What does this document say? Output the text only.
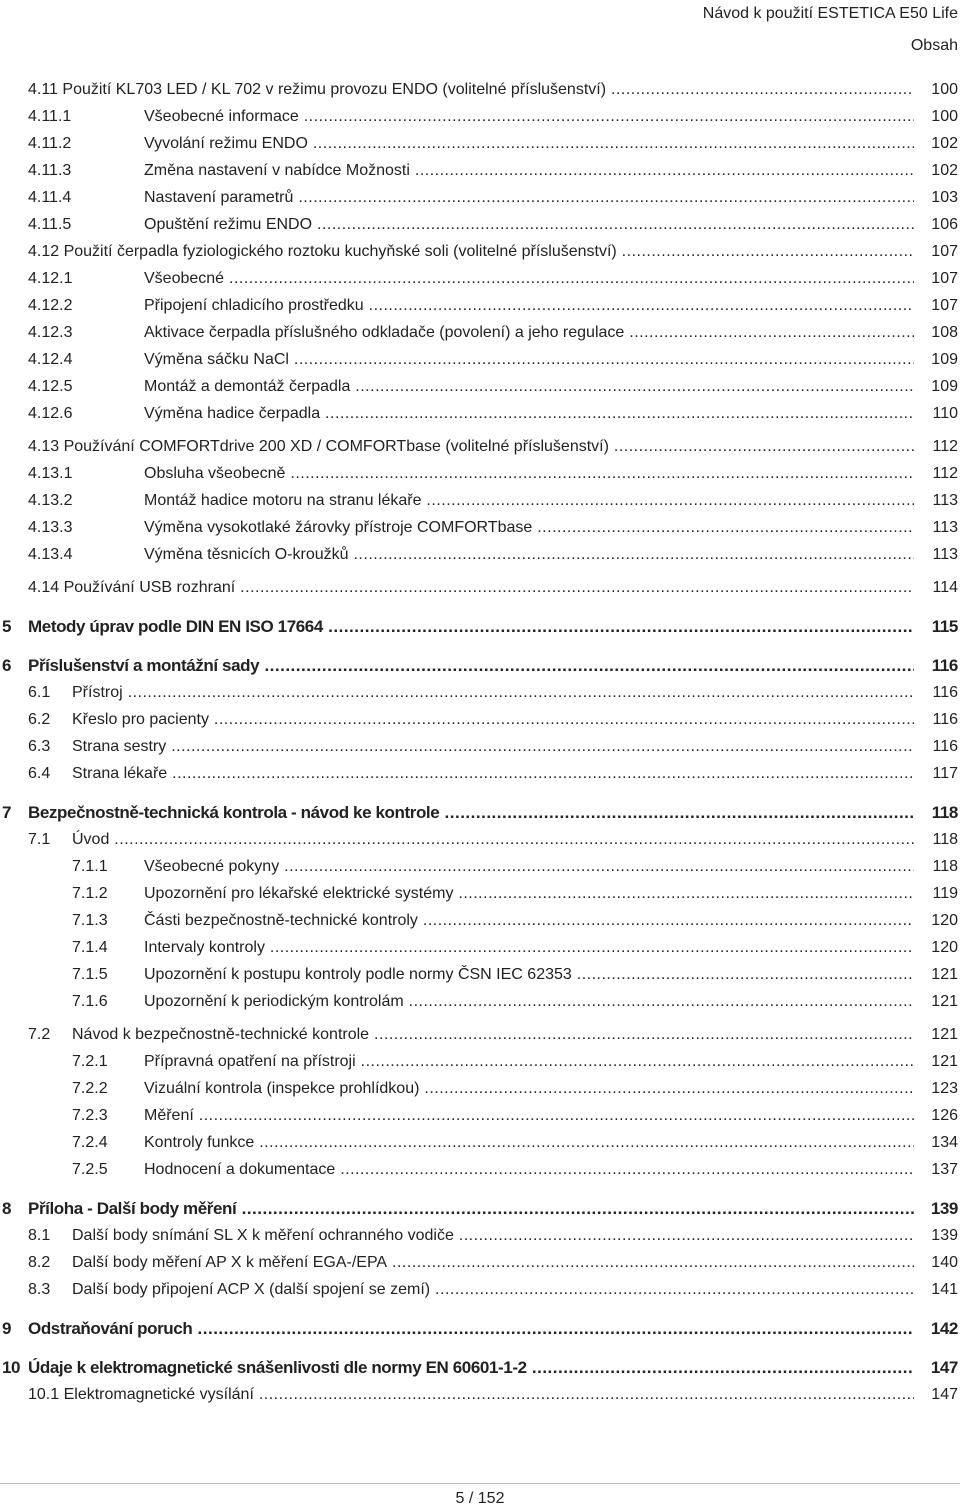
Návod k použití ESTETICA E50 Life
Obsah
4.11 Použití KL703 LED / KL 702 v režimu provozu ENDO (volitelné příslušenství) .....	100
4.11.1	Všeobecné informace .....	100
4.11.2	Vyvolání režimu ENDO .....	102
4.11.3	Změna nastavení v nabídce Možnosti .....	102
4.11.4	Nastavení parametrů .....	103
4.11.5	Opuštění režimu ENDO .....	106
4.12 Použití čerpadla fyziologického roztoku kuchyňské soli (volitelné příslušenství) .....	107
4.12.1	Všeobecné .....	107
4.12.2	Připojení chladicího prostředku .....	107
4.12.3	Aktivace čerpadla příslušného odkladače (povolení) a jeho regulace .....	108
4.12.4	Výměna sáčku NaCl .....	109
4.12.5	Montáž a demontáž čerpadla .....	109
4.12.6	Výměna hadice čerpadla .....	110
4.13 Používání COMFORTdrive 200 XD / COMFORTbase (volitelné příslušenství) .....	112
4.13.1	Obsluha všeobecně .....	112
4.13.2	Montáž hadice motoru na stranu lékaře .....	113
4.13.3	Výměna vysokotlaké žárovky přístroje COMFORTbase .....	113
4.13.4	Výměna těsnicích O-kroužků .....	113
4.14 Používání USB rozhraní .....	114
5 Metody úprav podle DIN EN ISO 17664 .....	115
6 Příslušenství a montážní sady .....	116
6.1 Přístroj .....	116
6.2 Křeslo pro pacienty .....	116
6.3 Strana sestry .....	116
6.4 Strana lékaře .....	117
7 Bezpečnostně-technická kontrola - návod ke kontrole .....	118
7.1 Úvod .....	118
7.1.1 Všeobecné pokyny .....	118
7.1.2 Upozornění pro lékařské elektrické systémy .....	119
7.1.3 Části bezpečnostně-technické kontroly .....	120
7.1.4 Intervaly kontroly .....	120
7.1.5 Upozornění k postupu kontroly podle normy ČSN IEC 62353 .....	121
7.1.6 Upozornění k periodickým kontrolám .....	121
7.2 Návod k bezpečnostně-technické kontrole .....	121
7.2.1 Přípravná opatření na přístroji .....	121
7.2.2 Vizuální kontrola (inspekce prohlídkou) .....	123
7.2.3 Měření .....	126
7.2.4 Kontroly funkce .....	134
7.2.5 Hodnocení a dokumentace .....	137
8 Příloha - Další body měření .....	139
8.1 Další body snímání SL X k měření ochranného vodiče .....	139
8.2 Další body měření AP X k měření EGA-/EPA .....	140
8.3 Další body připojení ACP X (další spojení se zemí) .....	141
9 Odstraňování poruch .....	142
10 Údaje k elektromagnetické snášenlivosti dle normy EN 60601-1-2 .....	147
10.1 Elektromagnetické vysílání .....	147
5 / 152
